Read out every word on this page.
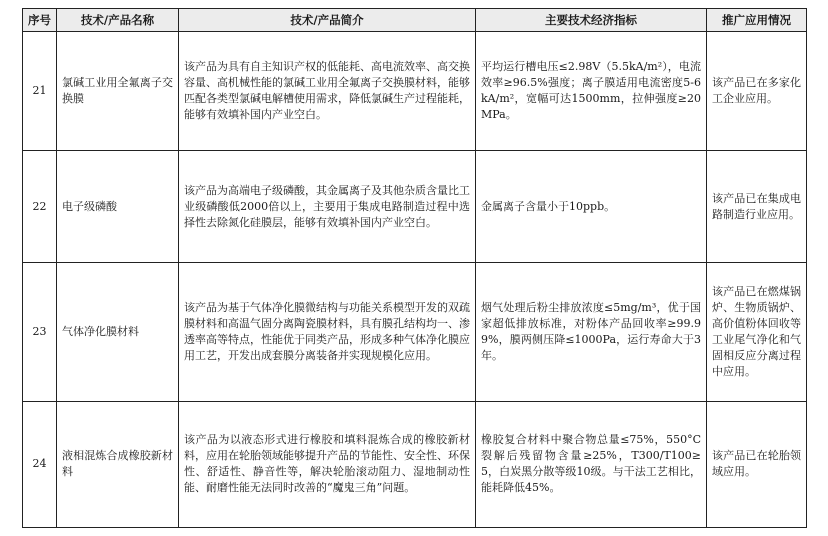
序号	技术/产品名称	技术/产品简介	主要技术经济指标	推广应用情况
21	氯碱工业用全氟离子交换膜	该产品为具有自主知识产权的低能耗、高电流效率、高交换容量、高机械性能的氯碱工业用全氟离子交换膜材料，能够匹配各类型氯碱电解槽使用需求，降低氯碱生产过程能耗，能够有效填补国内产业空白。	平均运行槽电压≤2.98V（5.5kA/m²），电流效率≥96.5%强度；离子膜适用电流密度5-6kA/m²，宽幅可达1500mm，拉伸强度≥20MPa。	该产品已在多家化工企业应用。
22	电子级磷酸	该产品为高端电子级磷酸，其金属离子及其他杂质含量比工业级磷酸低2000倍以上，主要用于集成电路制造过程中选择性去除氮化硅膜层，能够有效填补国内产业空白。	金属离子含量小于10ppb。	该产品已在集成电路制造行业应用。
23	气体净化膜材料	该产品为基于气体净化膜微结构与功能关系模型开发的双疏膜材料和高温气固分离陶瓷膜材料，具有膜孔结构均一、渗透率高等特点，性能优于同类产品，形成多种气体净化膜应用工艺，开发出成套膜分离装备并实现规模化应用。	烟气处理后粉尘排放浓度≤5mg/m³，优于国家超低排放标准，对粉体产品回收率≥99.99%，膜两侧压降≤1000Pa，运行寿命大于3年。	该产品已在燃煤锅炉、生物质锅炉、高价值粉体回收等工业尾气净化和气固相反应分离过程中应用。
24	液相混炼合成橡胶新材料	该产品为以液态形式进行橡胶和填料混炼合成的橡胶新材料，应用在轮胎领域能够提升产品的节能性、安全性、环保性、舒适性、静音性等，解决轮胎滚动阻力、湿地制动性能、耐磨性能无法同时改善的“魔鬼三角”问题。	橡胶复合材料中聚合物总量≤75%，550°C裂解后残留物含量≥25%，T300/T100≥5，白炭黑分散等级10级。与干法工艺相比，能耗降低45%。	该产品已在轮胎领域应用。
